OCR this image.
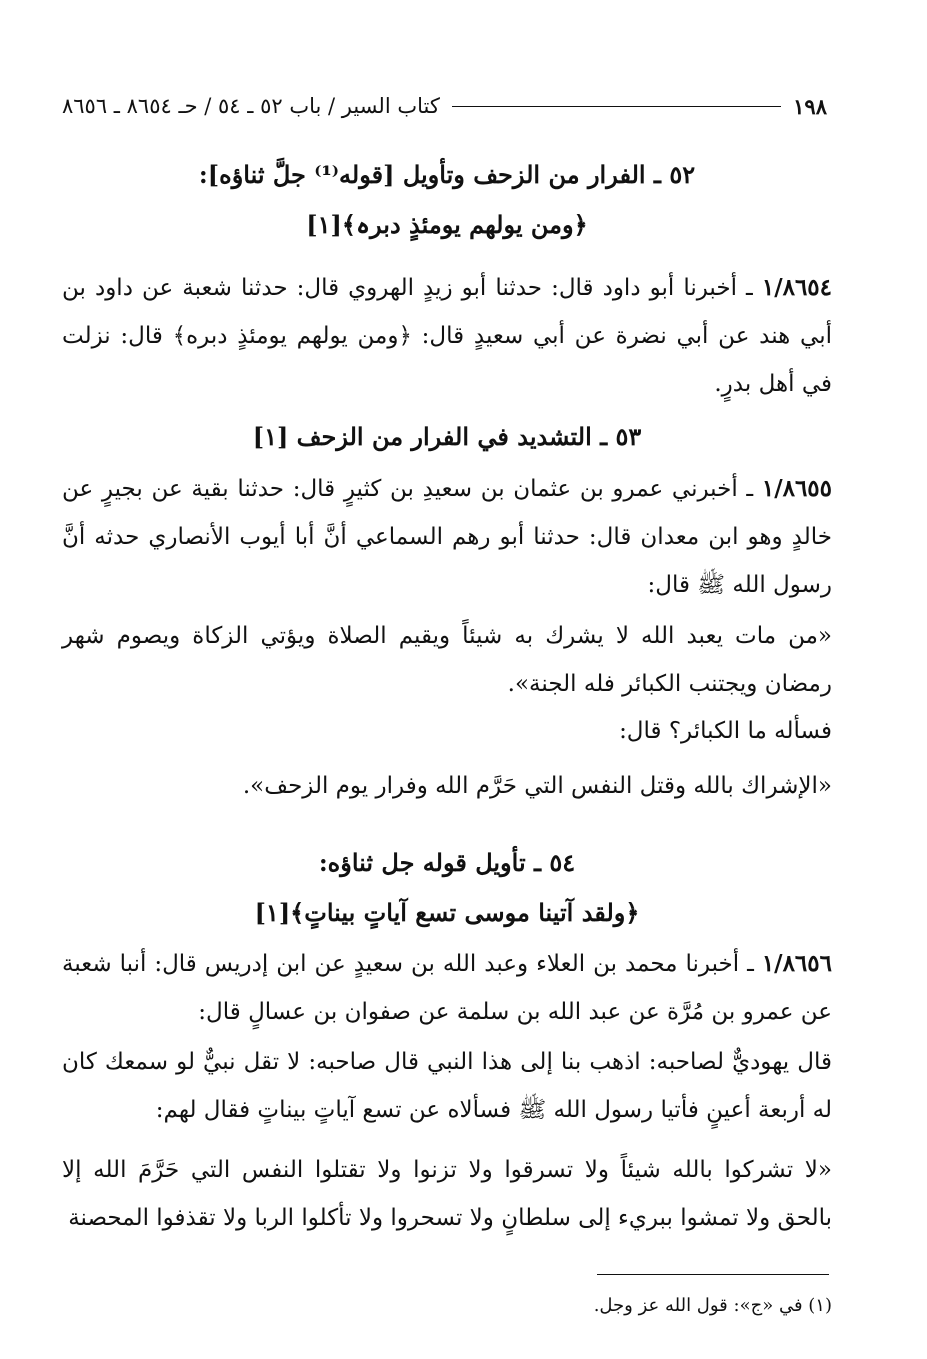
١٩٨
كتاب السير / باب ٥٢ ـ ٥٤ / حـ ٨٦٥٤ ـ ٨٦٥٦
٥٢ ـ الفرار من الزحف وتأويل [قوله⁽¹⁾ جلَّ ثناؤه]:
﴿ومن يولهم يومئذٍ دبرہ﴾[١]
١/٨٦٥٤ ـ أخبرنا أبو داود قال: حدثنا أبو زيدٍ الهروي قال: حدثنا شعبة عن داود بن أبي هند عن أبي نضرة عن أبي سعيدٍ قال: ﴿ومن يولهم يومئذٍ دبره﴾ قال: نزلت في أهل بدرٍ.
٥٣ ـ التشديد في الفرار من الزحف [١]
١/٨٦٥٥ ـ أخبرني عمرو بن عثمان بن سعيدِ بن كثيرٍ قال: حدثنا بقية عن بجيرٍ عن خالدٍ وهو ابن معدان قال: حدثنا أبو رهم السماعي أنَّ أبا أيوب الأنصاري حدثه أنَّ رسول الله ﷺ قال:
«من مات يعبد الله لا يشرك به شيئاً ويقيم الصلاة ويؤتي الزكاة ويصوم شهر رمضان ويجتنب الكبائر فله الجنة».
فسأله ما الكبائر؟ قال:
«الإشراك بالله وقتل النفس التي حَرَّم الله وفرار يوم الزحف».
٥٤ ـ تأويل قوله جل ثناؤه:
﴿ولقد آتينا موسى تسع آياتٍ بيناتٍ﴾[١]
١/٨٦٥٦ ـ أخبرنا محمد بن العلاء وعبد الله بن سعيدٍ عن ابن إدريس قال: أنبا شعبة عن عمرو بن مُرَّة عن عبد الله بن سلمة عن صفوان بن عسالٍ قال:
قال يهوديٌّ لصاحبه: اذهب بنا إلى هذا النبي قال صاحبه: لا تقل نبيٌّ لو سمعك كان له أربعة أعينٍ فأتيا رسول الله ﷺ فسألاه عن تسع آياتٍ بيناتٍ فقال لهم:
«لا تشركوا بالله شيئاً ولا تسرقوا ولا تزنوا ولا تقتلوا النفس التي حَرَّمَ الله إلا بالحق ولا تمشوا ببريء إلى سلطانٍ ولا تسحروا ولا تأكلوا الربا ولا تقذفوا المحصنة
(١) في «ج»: قول الله عز وجل.
